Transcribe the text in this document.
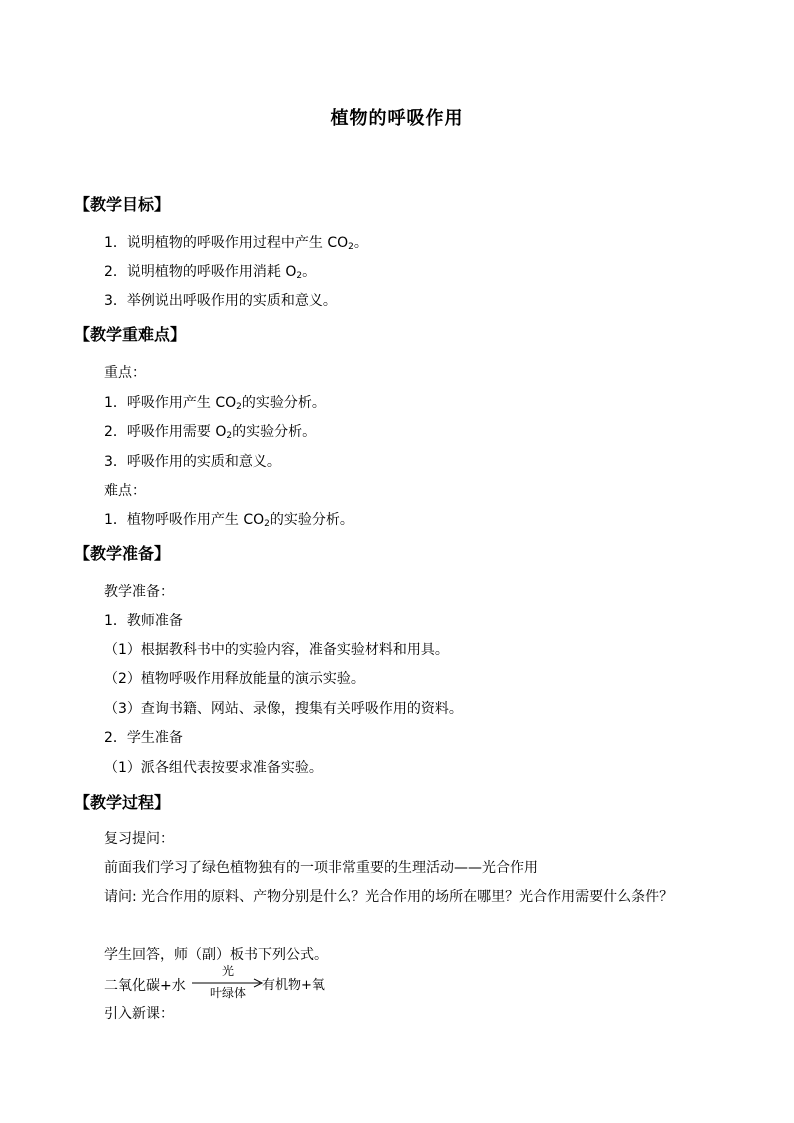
植物的呼吸作用
【教学目标】
1．说明植物的呼吸作用过程中产生 $CO_2$。
2．说明植物的呼吸作用消耗 $O_2$。
3．举例说出呼吸作用的实质和意义。
【教学重难点】
重点：
1．呼吸作用产生 $CO_2$的实验分析。
2．呼吸作用需要 $O_2$的实验分析。
3．呼吸作用的实质和意义。
难点：
1．植物呼吸作用产生 $CO_2$的实验分析。
【教学准备】
教学准备：
1．教师准备
（1）根据教科书中的实验内容，准备实验材料和用具。
（2）植物呼吸作用释放能量的演示实验。
（3）查询书籍、网站、录像，搜集有关呼吸作用的资料。
2．学生准备
（1）派各组代表按要求准备实验。
【教学过程】
复习提问：
前面我们学习了绿色植物独有的一项非常重要的生理活动——光合作用
请问: 光合作用的原料、产物分别是什么？光合作用的场所在哪里？光合作用需要什么条件？
学生回答，师（副）板书下列公式。
二氧化碳+水
光
叶绿体	有机物+氧
引入新课：
